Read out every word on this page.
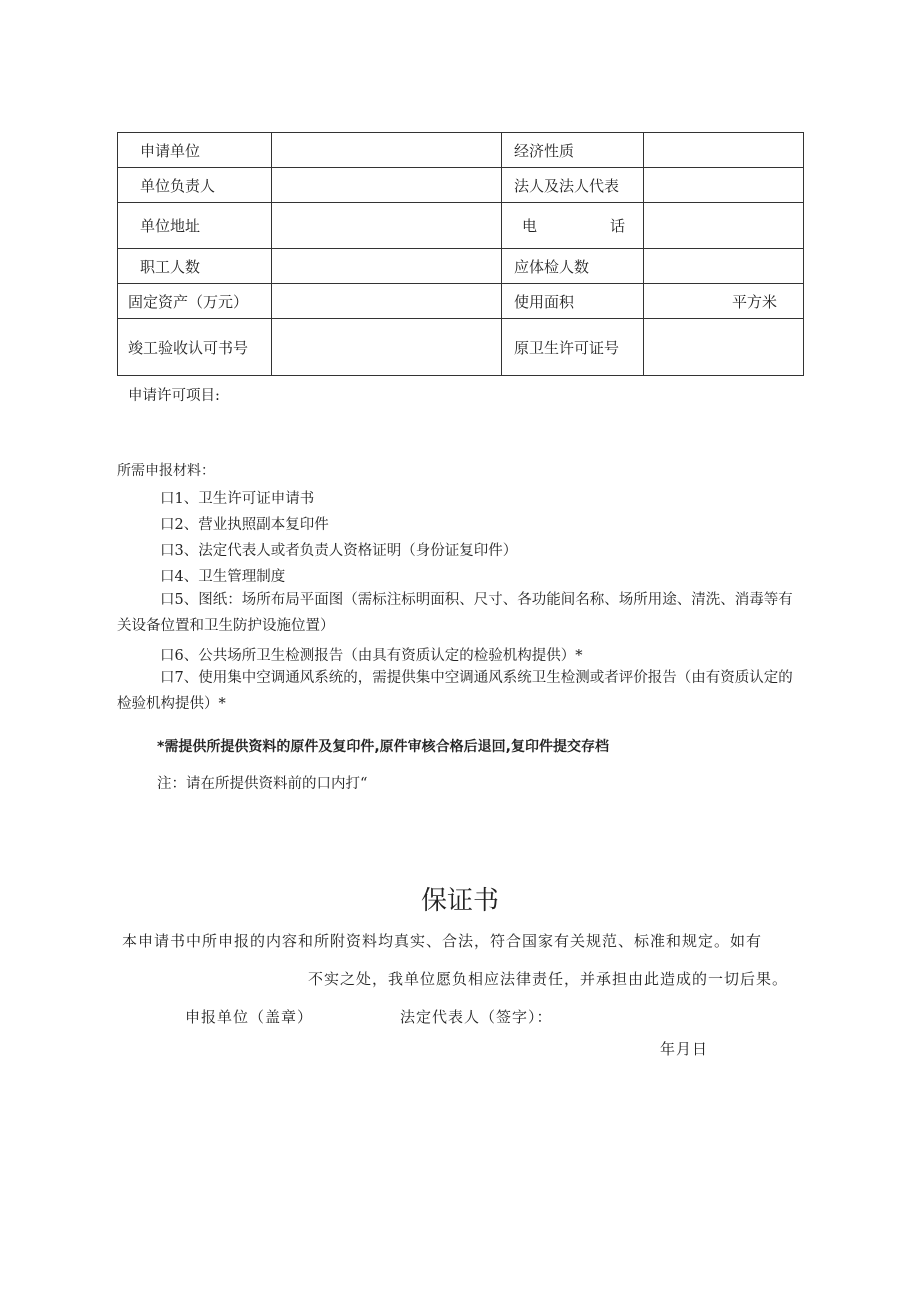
申请单位		经济性质	
单位负责人		法人及法人代表	
单位地址		电 话	

职工人数		应体检人数	
固定资产（万元）		使用面积	平方米
竣工验收认可书号		原卫生许可证号	
申请许可项目:
所需申报材料：
口1、卫生许可证申请书
口2、营业执照副本复印件
口3、法定代表人或者负责人资格证明（身份证复印件）
口4、卫生管理制度
口5、图纸：场所布局平面图（需标注标明面积、尺寸、各功能间名称、场所用途、清洗、消毒等有关设备位置和卫生防护设施位置）
口6、公共场所卫生检测报告（由具有资质认定的检验机构提供）*
口7、使用集中空调通风系统的，需提供集中空调通风系统卫生检测或者评价报告（由有资质认定的检验机构提供）*
*需提供所提供资料的原件及复印件,原件审核合格后退回,复印件提交存档
注：请在所提供资料前的口内打“
保证书
本申请书中所申报的内容和所附资料均真实、合法，符合国家有关规范、标准和规定。如有
不实之处，我单位愿负相应法律责任，并承担由此造成的一切后果。
申报单位（盖章）	法定代表人（签字）：
年月日
